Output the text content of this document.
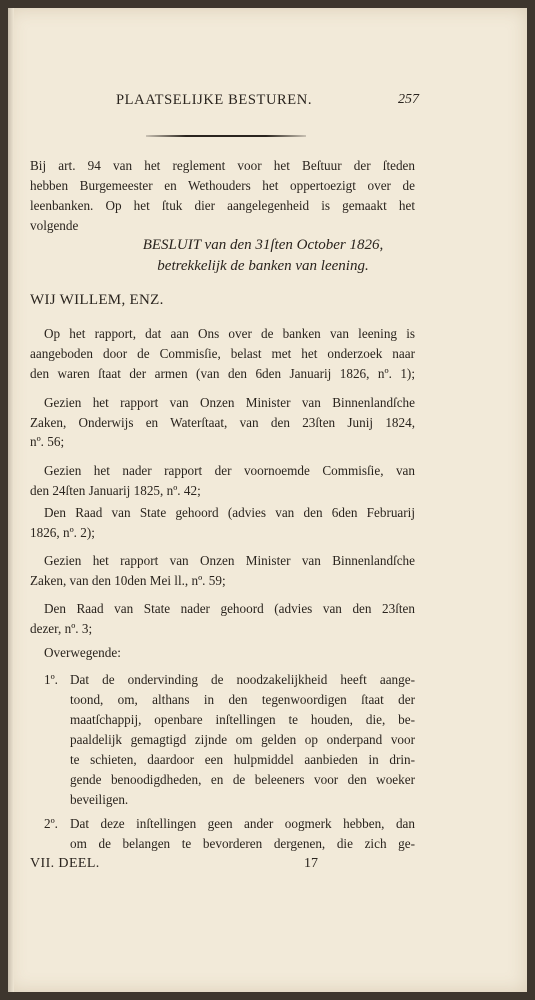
PLAATSELIJKE BESTUREN.	257
Bij art. 94 van het reglement voor het Beſtuur der ſteden
hebben Burgemeester en Wethouders het oppertoezigt over de
leenbanken. Op het ſtuk dier aangelegenheid is gemaakt het
volgende
BESLUIT van den 31ſten October 1826,
betrekkelijk de banken van leening.
WIJ WILLEM, ENZ.
Op het rapport, dat aan Ons over de banken van leening is
aangeboden door de Commisſie, belast met het onderzoek naar
den waren ſtaat der armen (van den 6den Januarij 1826, nº. 1);
Gezien het rapport van Onzen Minister van Binnenlandſche
Zaken, Onderwijs en Waterſtaat, van den 23ſten Junij 1824,
nº. 56;
Gezien het nader rapport der voornoemde Commisſie, van
den 24ſten Januarij 1825, nº. 42;
Den Raad van State gehoord (advies van den 6den Februarij
1826, nº. 2);
Gezien het rapport van Onzen Minister van Binnenlandſche
Zaken, van den 10den Mei ll., nº. 59;
Den Raad van State nader gehoord (advies van den 23ſten
dezer, nº. 3;
Overwegende:
1º. Dat de ondervinding de noodzakelijkheid heeft aange-
toond, om, althans in den tegenwoordigen ſtaat der
maatſchappij, openbare inſtellingen te houden, die, be-
paaldelijk gemagtigd zijnde om gelden op onderpand voor
te schieten, daardoor een hulpmiddel aanbieden in drin-
gende benoodigdheden, en de beleeners voor den woeker
beveiligen.
2º. Dat deze inſtellingen geen ander oogmerk hebben, dan
om de belangen te bevorderen dergenen, die zich ge-
VII. DEEL.	17
